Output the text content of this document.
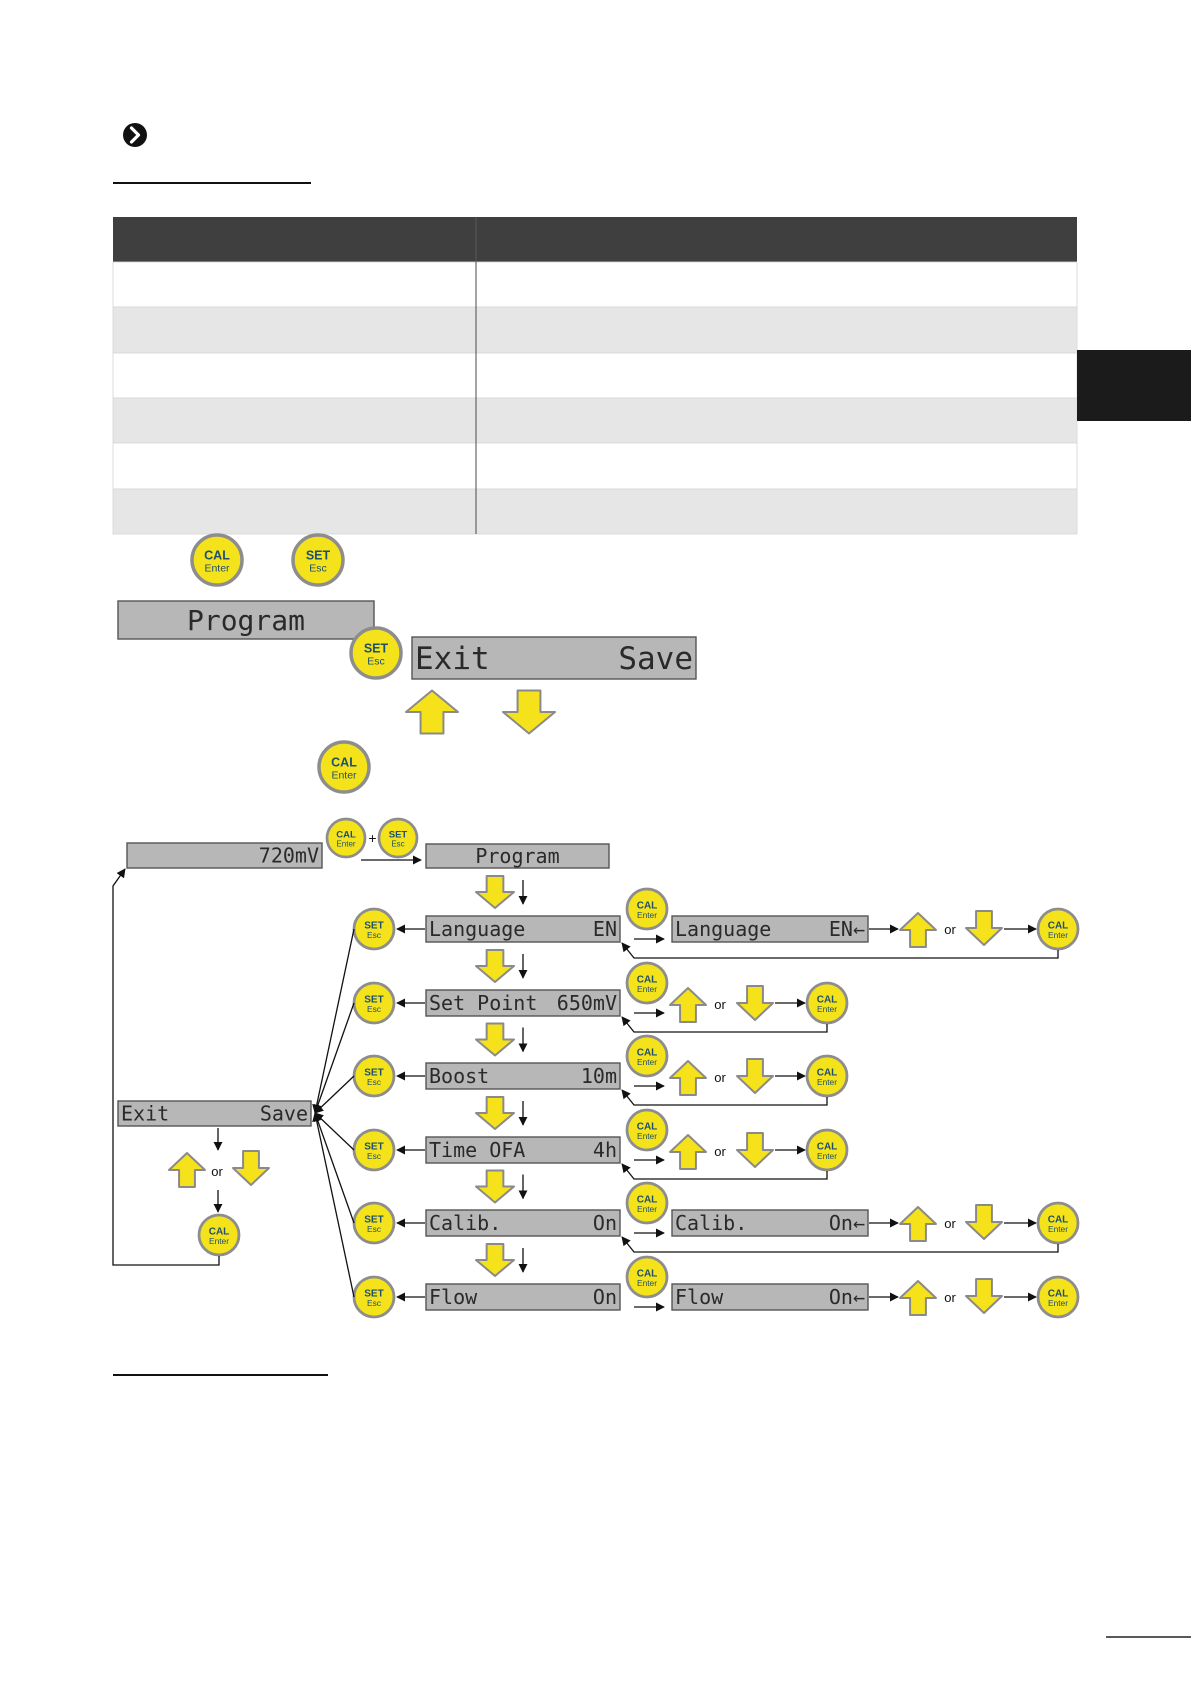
CAL
Enter
SET
Esc
Program
SET
Esc Exit	Save
CAL
Enter
720mV
CAL
Enter + SET
Esc	Program
Language	EN
SET
Esc
CAL
Enter
Language	EN←	or	CAL
Enter
Set Point 650mV
SET
Esc
CAL
Enter
or	CAL
Enter
Boost	10m
SET
Esc
CAL
Enter
or	CAL
Enter
Time OFA	4h
SET
Esc
CAL
Enter
or	CAL
Enter
Calib.	On
SET
Esc
CAL
Enter
Calib.	On←	or	CAL
Enter
Flow	On
SET
Esc
CAL
Enter
Flow	On←	or	CAL
Enter
Exit	Save
or
CAL
Enter
